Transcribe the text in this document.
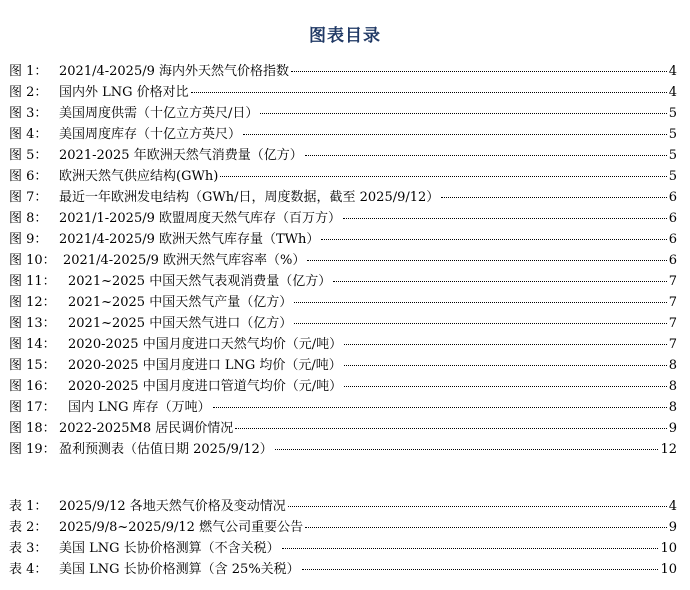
图表目录
图 1： 2021/4-2025/9 海内外天然气价格指数	4
图 2： 国内外 LNG 价格对比	4
图 3： 美国周度供需（十亿立方英尺/日）	5
图 4： 美国周度库存（十亿立方英尺）	5
图 5： 2021-2025 年欧洲天然气消费量（亿方）	5
图 6： 欧洲天然气供应结构(GWh)	5
图 7： 最近一年欧洲发电结构（GWh/日，周度数据，截至 2025/9/12）	6
图 8： 2021/1-2025/9 欧盟周度天然气库存（百万方）	6
图 9： 2021/4-2025/9 欧洲天然气库存量（TWh）	6
图 10： 2021/4-2025/9 欧洲天然气库容率（%）	6
图 11： 2021~2025 中国天然气表观消费量（亿方）	7
图 12： 2021~2025 中国天然气产量（亿方）	7
图 13： 2021~2025 中国天然气进口（亿方）	7
图 14： 2020-2025 中国月度进口天然气均价（元/吨）	7
图 15： 2020-2025 中国月度进口 LNG 均价（元/吨）	8
图 16： 2020-2025 中国月度进口管道气均价（元/吨）	8
图 17： 国内 LNG 库存（万吨）	8
图 18： 2022-2025M8 居民调价情况	9
图 19： 盈利预测表（估值日期 2025/9/12）	12
表 1： 2025/9/12 各地天然气价格及变动情况	4
表 2： 2025/9/8~2025/9/12 燃气公司重要公告	9
表 3： 美国 LNG 长协价格测算（不含关税）	10
表 4： 美国 LNG 长协价格测算（含 25%关税）	10
